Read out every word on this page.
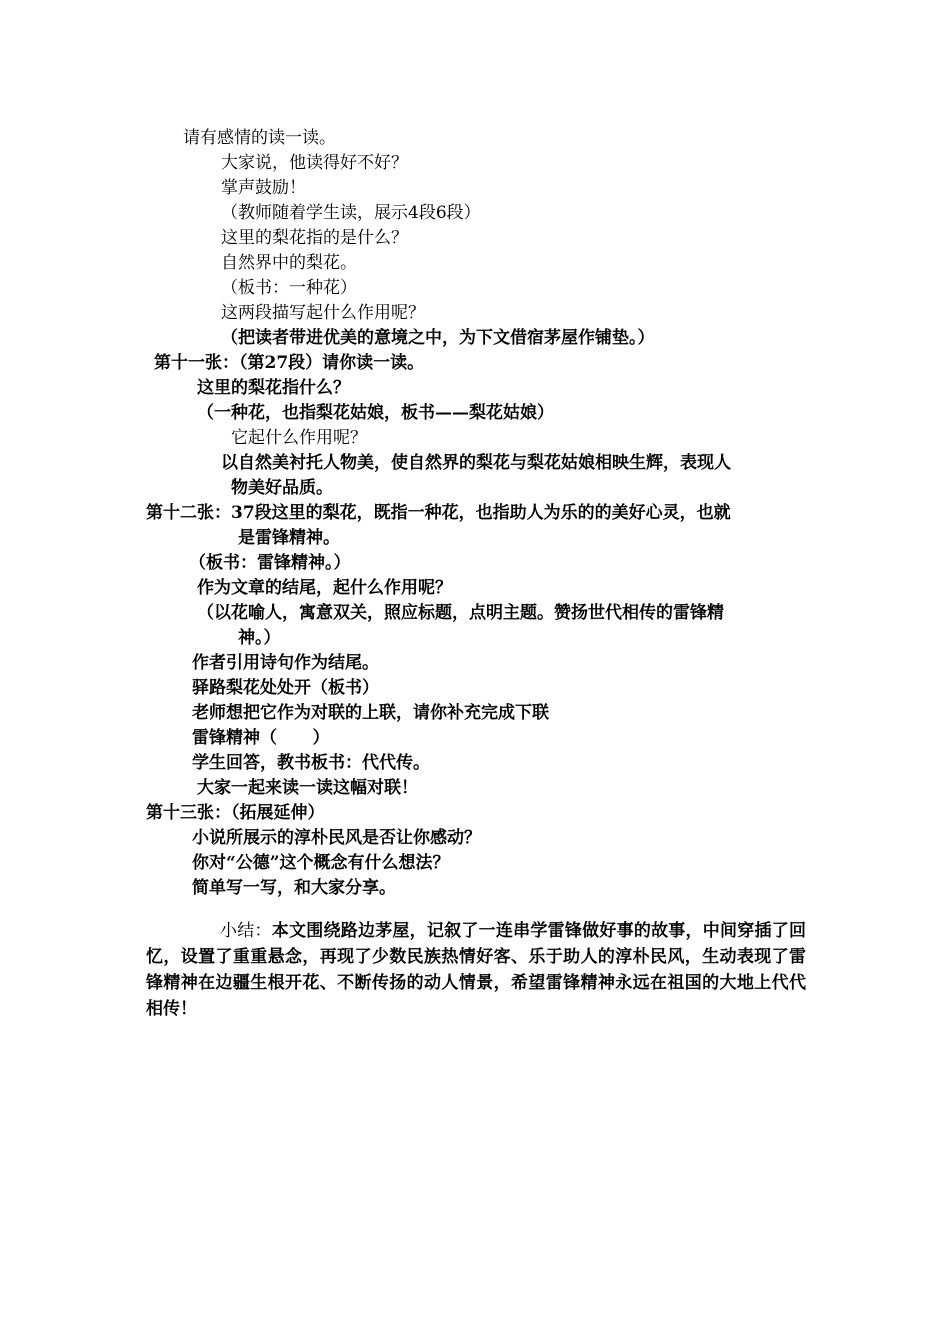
请有感情的读一读。
大家说，他读得好不好？
掌声鼓励！
（教师随着学生读，展示4段6段）
这里的梨花指的是什么？
自然界中的梨花。
（板书：一种花）
这两段描写起什么作用呢？
（把读者带进优美的意境之中，为下文借宿茅屋作铺垫。）
第十一张：（第27段）请你读一读。
这里的梨花指什么？
（一种花，也指梨花姑娘，板书——梨花姑娘）
它起什么作用呢？
以自然美衬托人物美，使自然界的梨花与梨花姑娘相映生辉，表现人
物美好品质。
第十二张：37段这里的梨花，既指一种花，也指助人为乐的的美好心灵，也就
是雷锋精神。
（板书：雷锋精神。）
作为文章的结尾，起什么作用呢？
（以花喻人，寓意双关，照应标题，点明主题。赞扬世代相传的雷锋精
神。）
作者引用诗句作为结尾。
驿路梨花处处开（板书）
老师想把它作为对联的上联，请你补充完成下联
雷锋精神（      ）
学生回答，教书板书：代代传。
大家一起来读一读这幅对联！
第十三张：（拓展延伸）
小说所展示的淳朴民风是否让你感动？
你对“公德”这个概念有什么想法？
简单写一写，和大家分享。
小结：本文围绕路边茅屋，记叙了一连串学雷锋做好事的故事，中间穿插了回忆，设置了重重悬念，再现了少数民族热情好客、乐于助人的淳朴民风，生动表现了雷锋精神在边疆生根开花、不断传扬的动人情景，希望雷锋精神永远在祖国的大地上代代相传！
